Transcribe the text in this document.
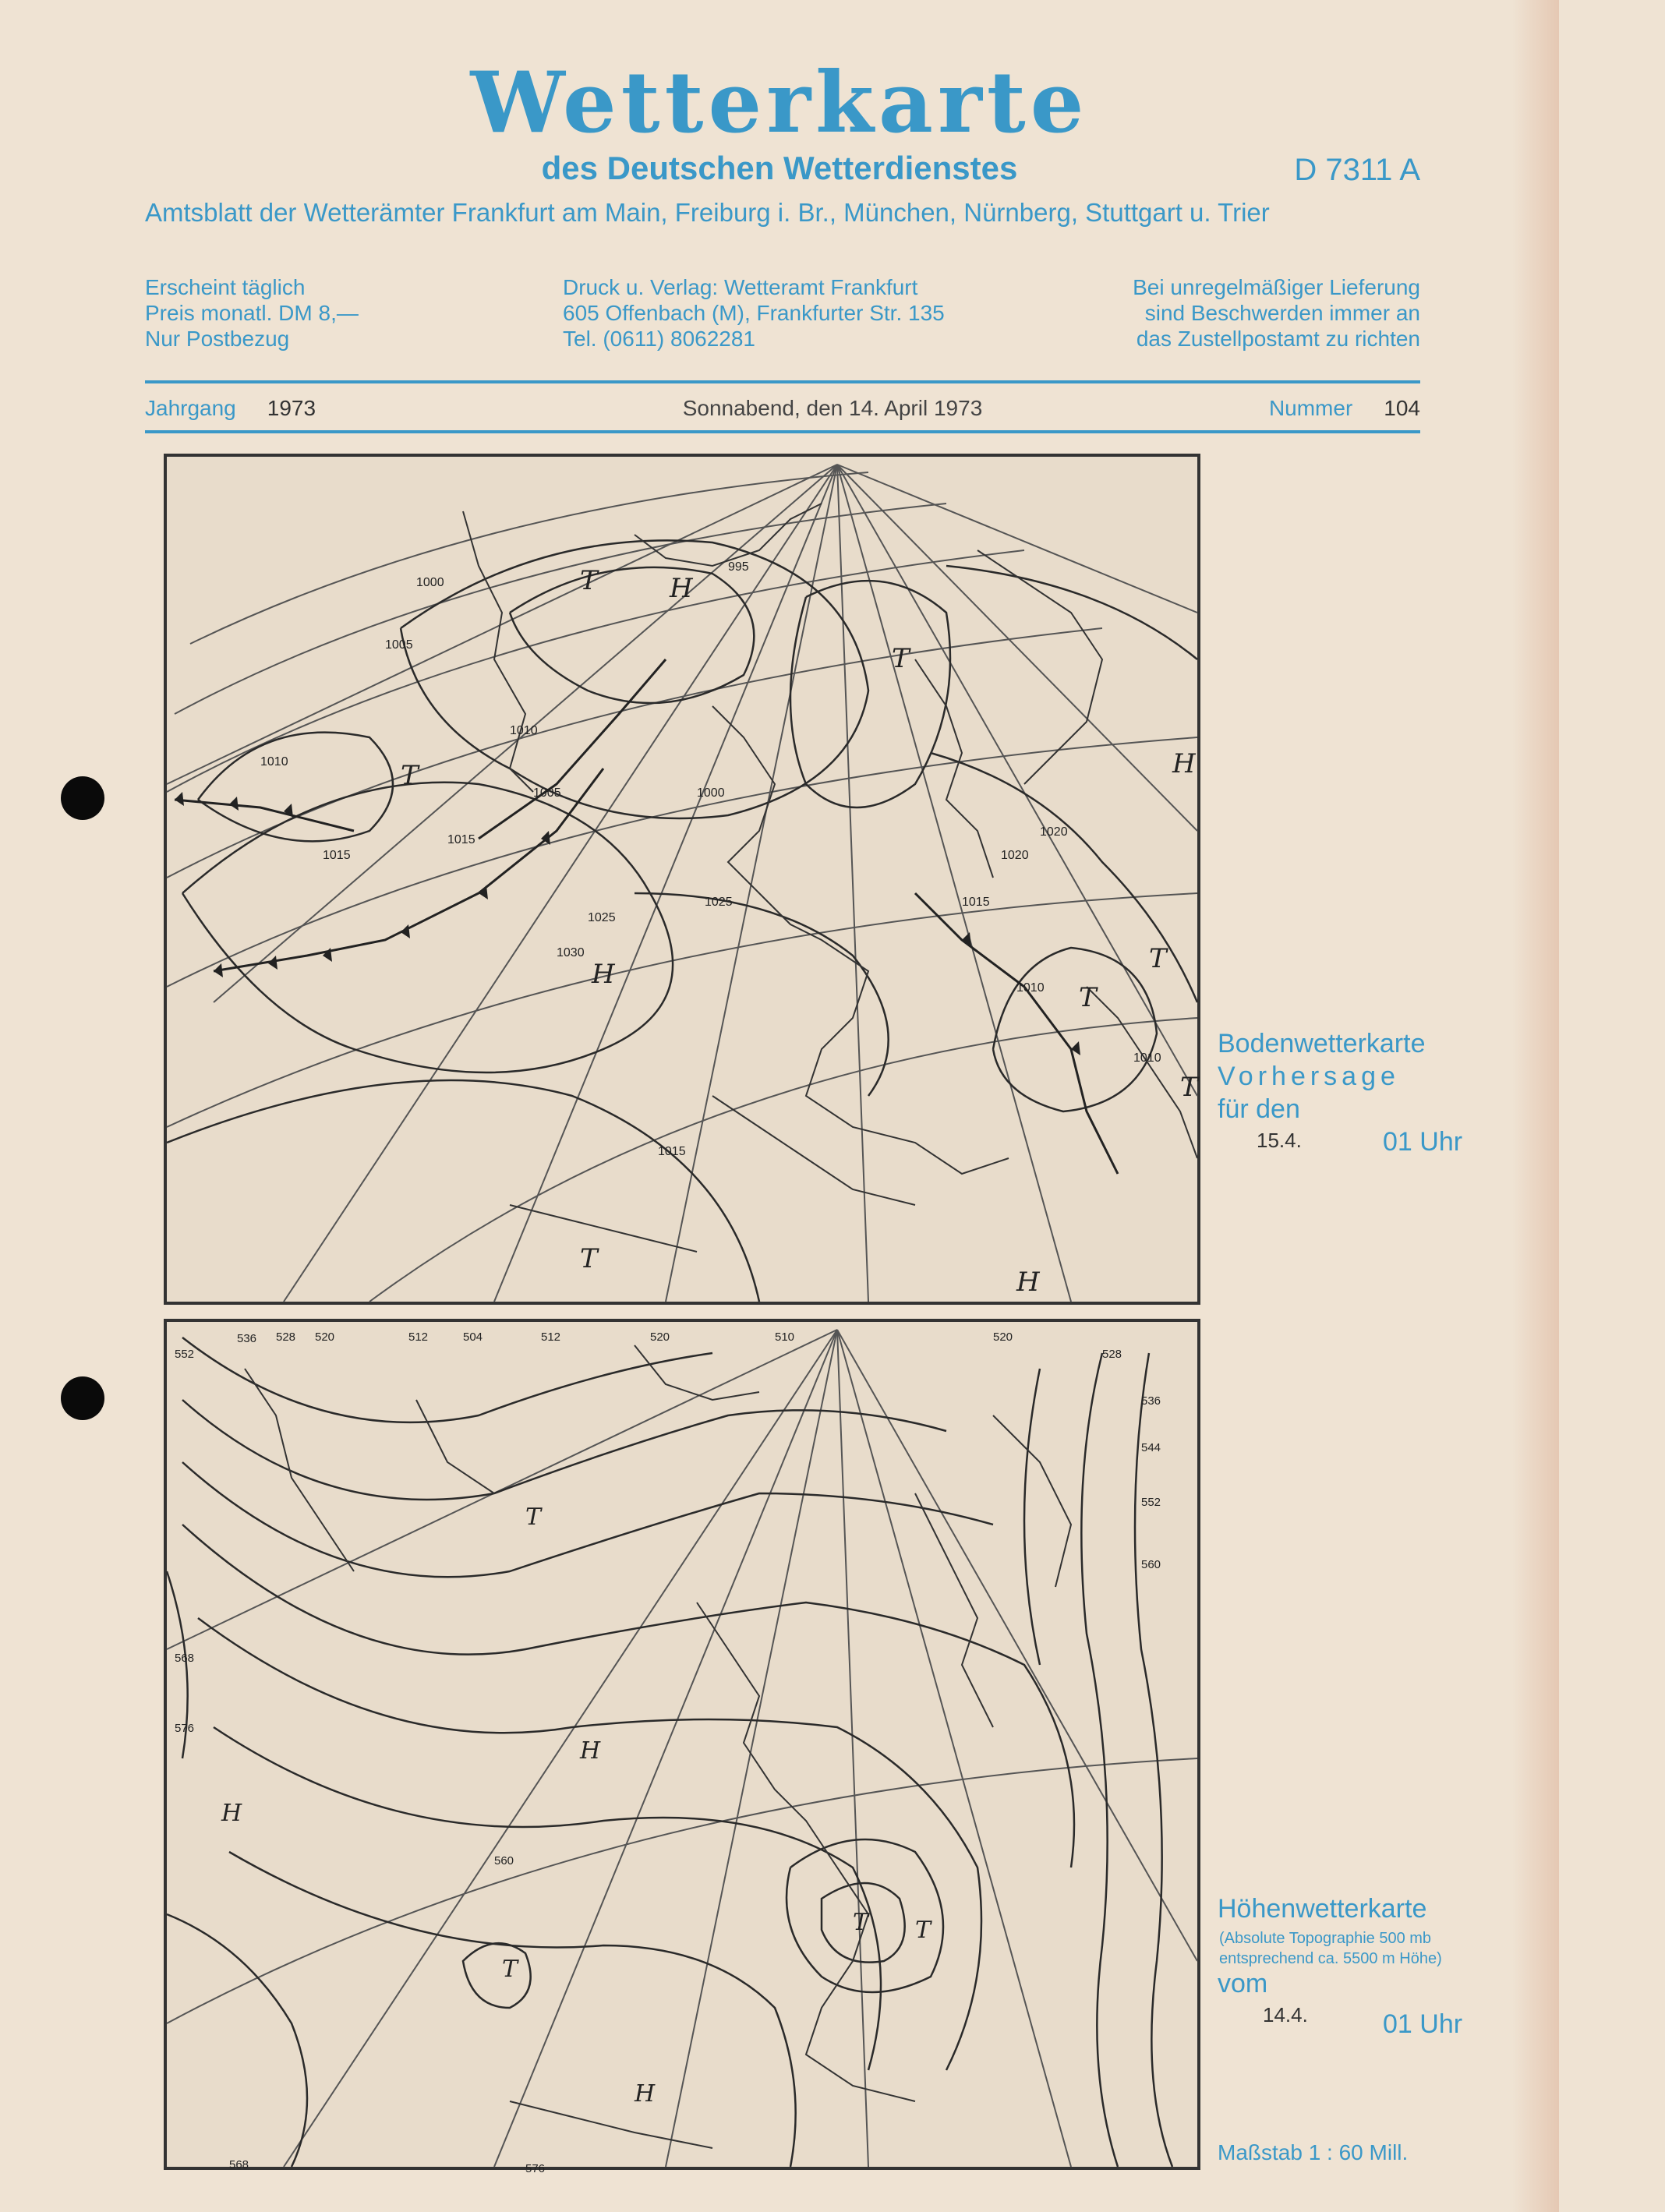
Wetterkarte
des Deutschen Wetterdienstes	D 7311 A
Amtsblatt der Wetterämter Frankfurt am Main, Freiburg i. Br., München, Nürnberg, Stuttgart u. Trier
Erscheint täglich
Preis monatl. DM 8,—
Nur Postbezug
Druck u. Verlag: Wetteramt Frankfurt
605 Offenbach (M), Frankfurter Str. 135
Tel. (0611) 8062281
Bei unregelmäßiger Lieferung
sind Beschwerden immer an
das Zustellpostamt zu richten
Jahrgang 1973	Sonnabend, den 14. April 1973	Nummer 104
T
T	H
T
H
H
T
T
T
T
H
1010
1015
1005
1000
1015
995
1000
1010
1005
1025
1020
1015
1025
1030
1020
1010
1010
1015
Bodenwetterkarte
Vorhersage
für den
15.4.	01 Uhr
T
H
H
T
T T
H
552
536 528 520	512	504	512	520	510	520
528
536
544
552
560
568
576
560
568	576
Höhenwetterkarte
(Absolute Topographie 500 mb
entsprechend ca. 5500 m Höhe)
vom
14.4.	01 Uhr
Maßstab 1 : 60 Mill.
